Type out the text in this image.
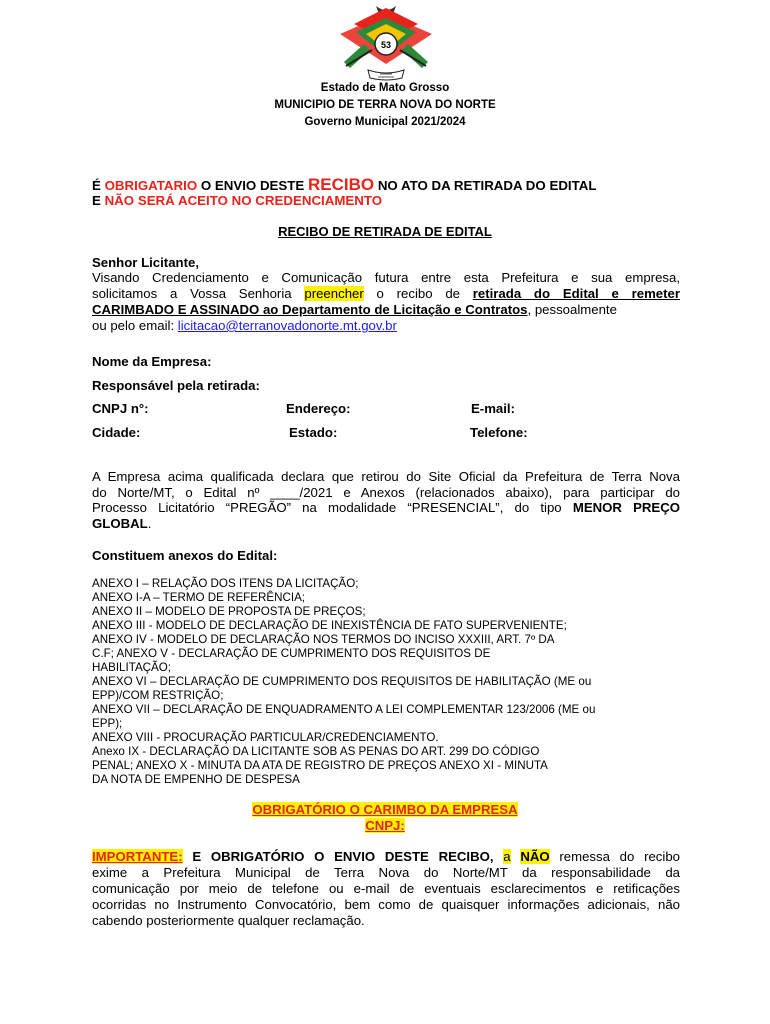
53
Estado de Mato Grosso
MUNICIPIO DE TERRA NOVA DO NORTE
Governo Municipal 2021/2024
É OBRIGATARIO O ENVIO DESTE RECIBO NO ATO DA RETIRADA DO EDITAL
E NÃO SERÁ ACEITO NO CREDENCIAMENTO
RECIBO DE RETIRADA DE EDITAL
Senhor Licitante,
Visando Credenciamento e Comunicação futura entre esta Prefeitura e sua empresa,
solicitamos a Vossa Senhoria preencher o recibo de retirada do Edital e remeter
CARIMBADO E ASSINADO ao Departamento de Licitação e Contratos, pessoalmente
ou pelo email: licitacao@terranovadonorte.mt.gov.br
Nome da Empresa:
Responsável pela retirada:
CNPJ n°:	Endereço:	E-mail:
Cidade:	Estado:	Telefone:
A Empresa acima qualificada declara que retirou do Site Oficial da Prefeitura de Terra Nova
do Norte/MT, o Edital nº ____/2021 e Anexos (relacionados abaixo), para participar do
Processo Licitatório “PREGÃO” na modalidade “PRESENCIAL”, do tipo MENOR PREÇO
GLOBAL.
Constituem anexos do Edital:
ANEXO I – RELAÇÃO DOS ITENS DA LICITAÇÃO;
ANEXO I-A – TERMO DE REFERÊNCIA;
ANEXO II – MODELO DE PROPOSTA DE PREÇOS;
ANEXO III - MODELO DE DECLARAÇÃO DE INEXISTÊNCIA DE FATO SUPERVENIENTE;
ANEXO IV - MODELO DE DECLARAÇÃO NOS TERMOS DO INCISO XXXIII, ART. 7º DA
C.F; ANEXO V - DECLARAÇÃO DE CUMPRIMENTO DOS REQUISITOS DE
HABILITAÇÃO;
ANEXO VI – DECLARAÇÃO DE CUMPRIMENTO DOS REQUISITOS DE HABILITAÇÃO (ME ou
EPP)/COM RESTRIÇÃO;
ANEXO VII – DECLARAÇÃO DE ENQUADRAMENTO A LEI COMPLEMENTAR 123/2006 (ME ou
EPP);
ANEXO VIII - PROCURAÇÃO PARTICULAR/CREDENCIAMENTO.
Anexo IX - DECLARAÇÃO DA LICITANTE SOB AS PENAS DO ART. 299 DO CÓDIGO
PENAL; ANEXO X - MINUTA DA ATA DE REGISTRO DE PREÇOS ANEXO XI - MINUTA
DA NOTA DE EMPENHO DE DESPESA
OBRIGATÓRIO O CARIMBO DA EMPRESA
CNPJ:
IMPORTANTE: E OBRIGATÓRIO O ENVIO DESTE RECIBO, a NÃO remessa do recibo
exime a Prefeitura Municipal de Terra Nova do Norte/MT da responsabilidade da
comunicação por meio de telefone ou e-mail de eventuais esclarecimentos e retificações
ocorridas no Instrumento Convocatório, bem como de quaisquer informações adicionais, não
cabendo posteriormente qualquer reclamação.
